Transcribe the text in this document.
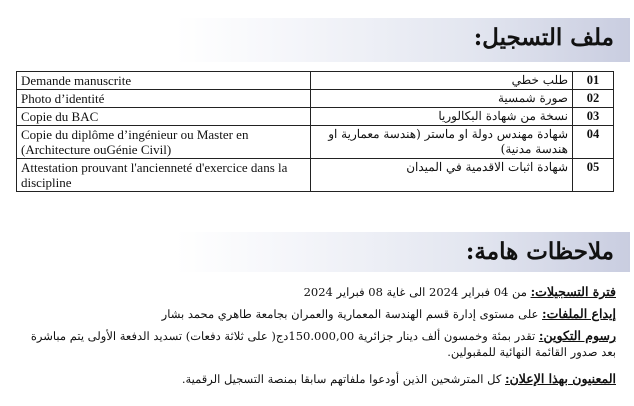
ملف التسجيل:
Demande manuscrite	طلب خطي	01
Photo d’identité	صورة شمسية	02
Copie du BAC	نسخة من شهادة البكالوريا	03
Copie du diplôme d’ingénieur ou Master en (Architecture ouGénie Civil)	شهادة مهندس دولة او ماستر (هندسة معمارية او هندسة مدنية)	04
Attestation prouvant l'ancienneté d'exercice dans la discipline	شهادة اثبات الاقدمية في الميدان	05
ملاحظات هامة:
فترة التسجيلات: من 04 فبراير 2024 الى غاية 08 فبراير 2024
إيداع الملفات: على مستوى إدارة قسم الهندسة المعمارية والعمران بجامعة طاهري محمد بشار
رسوم التكوين: تقدر بمئة وخمسون ألف دينار جزائرية 150.000,00دج( على ثلاثة دفعات) تسديد الدفعة الأولى يتم مباشرة بعد صدور القائمة النهائية للمقبولين.
المعنيون بهذا الإعلان: كل المترشحين الذين أودعوا ملفاتهم سابقا بمنصة التسجيل الرقمية.
